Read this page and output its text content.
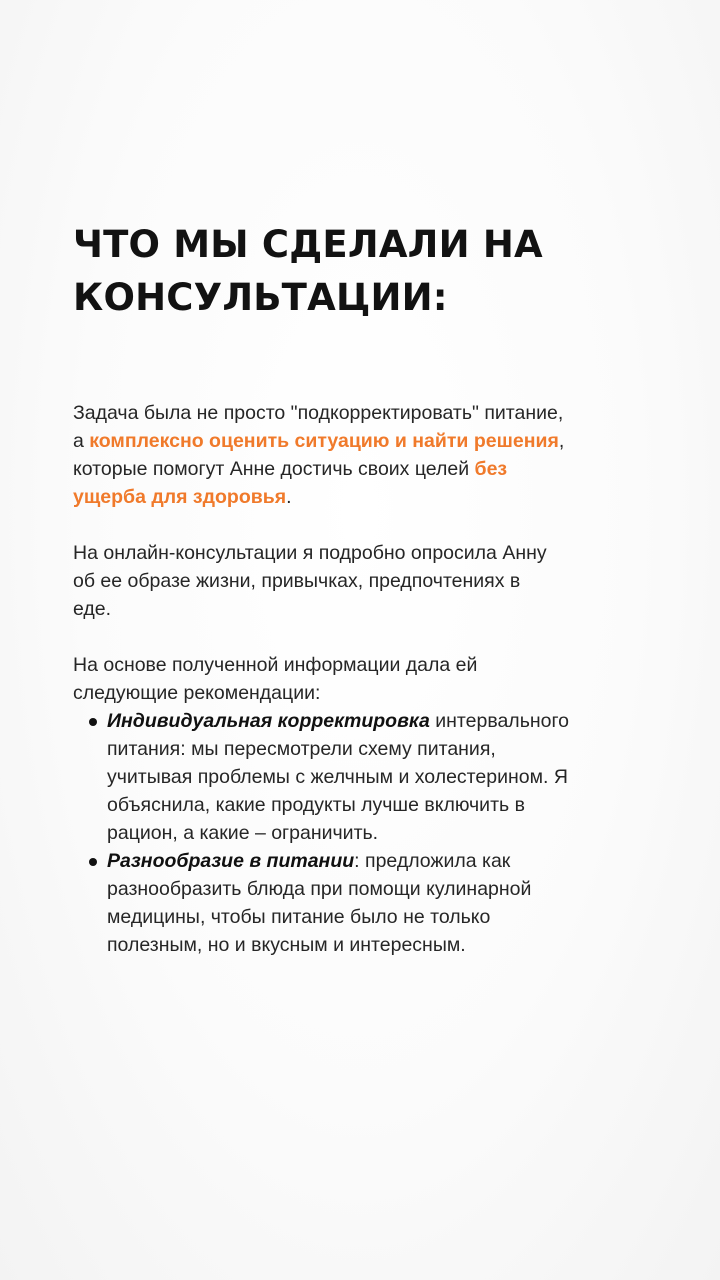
ЧТО МЫ СДЕЛАЛИ НА
КОНСУЛЬТАЦИИ:

Задача была не просто "подкорректировать" питание,
а комплексно оценить ситуацию и найти решения,
которые помогут Анне достичь своих целей без
ущерба для здоровья.

На онлайн-консультации я подробно опросила Анну
об ее образе жизни, привычках, предпочтениях в
еде.

На основе полученной информации дала ей
следующие рекомендации:
Индивидуальная корректировка интервального
питания: мы пересмотрели схему питания,
учитывая проблемы с желчным и холестерином. Я
объяснила, какие продукты лучше включить в
рацион, а какие – ограничить.
Разнообразие в питании: предложила как
разнообразить блюда при помощи кулинарной
медицины, чтобы питание было не только
полезным, но и вкусным и интересным.
